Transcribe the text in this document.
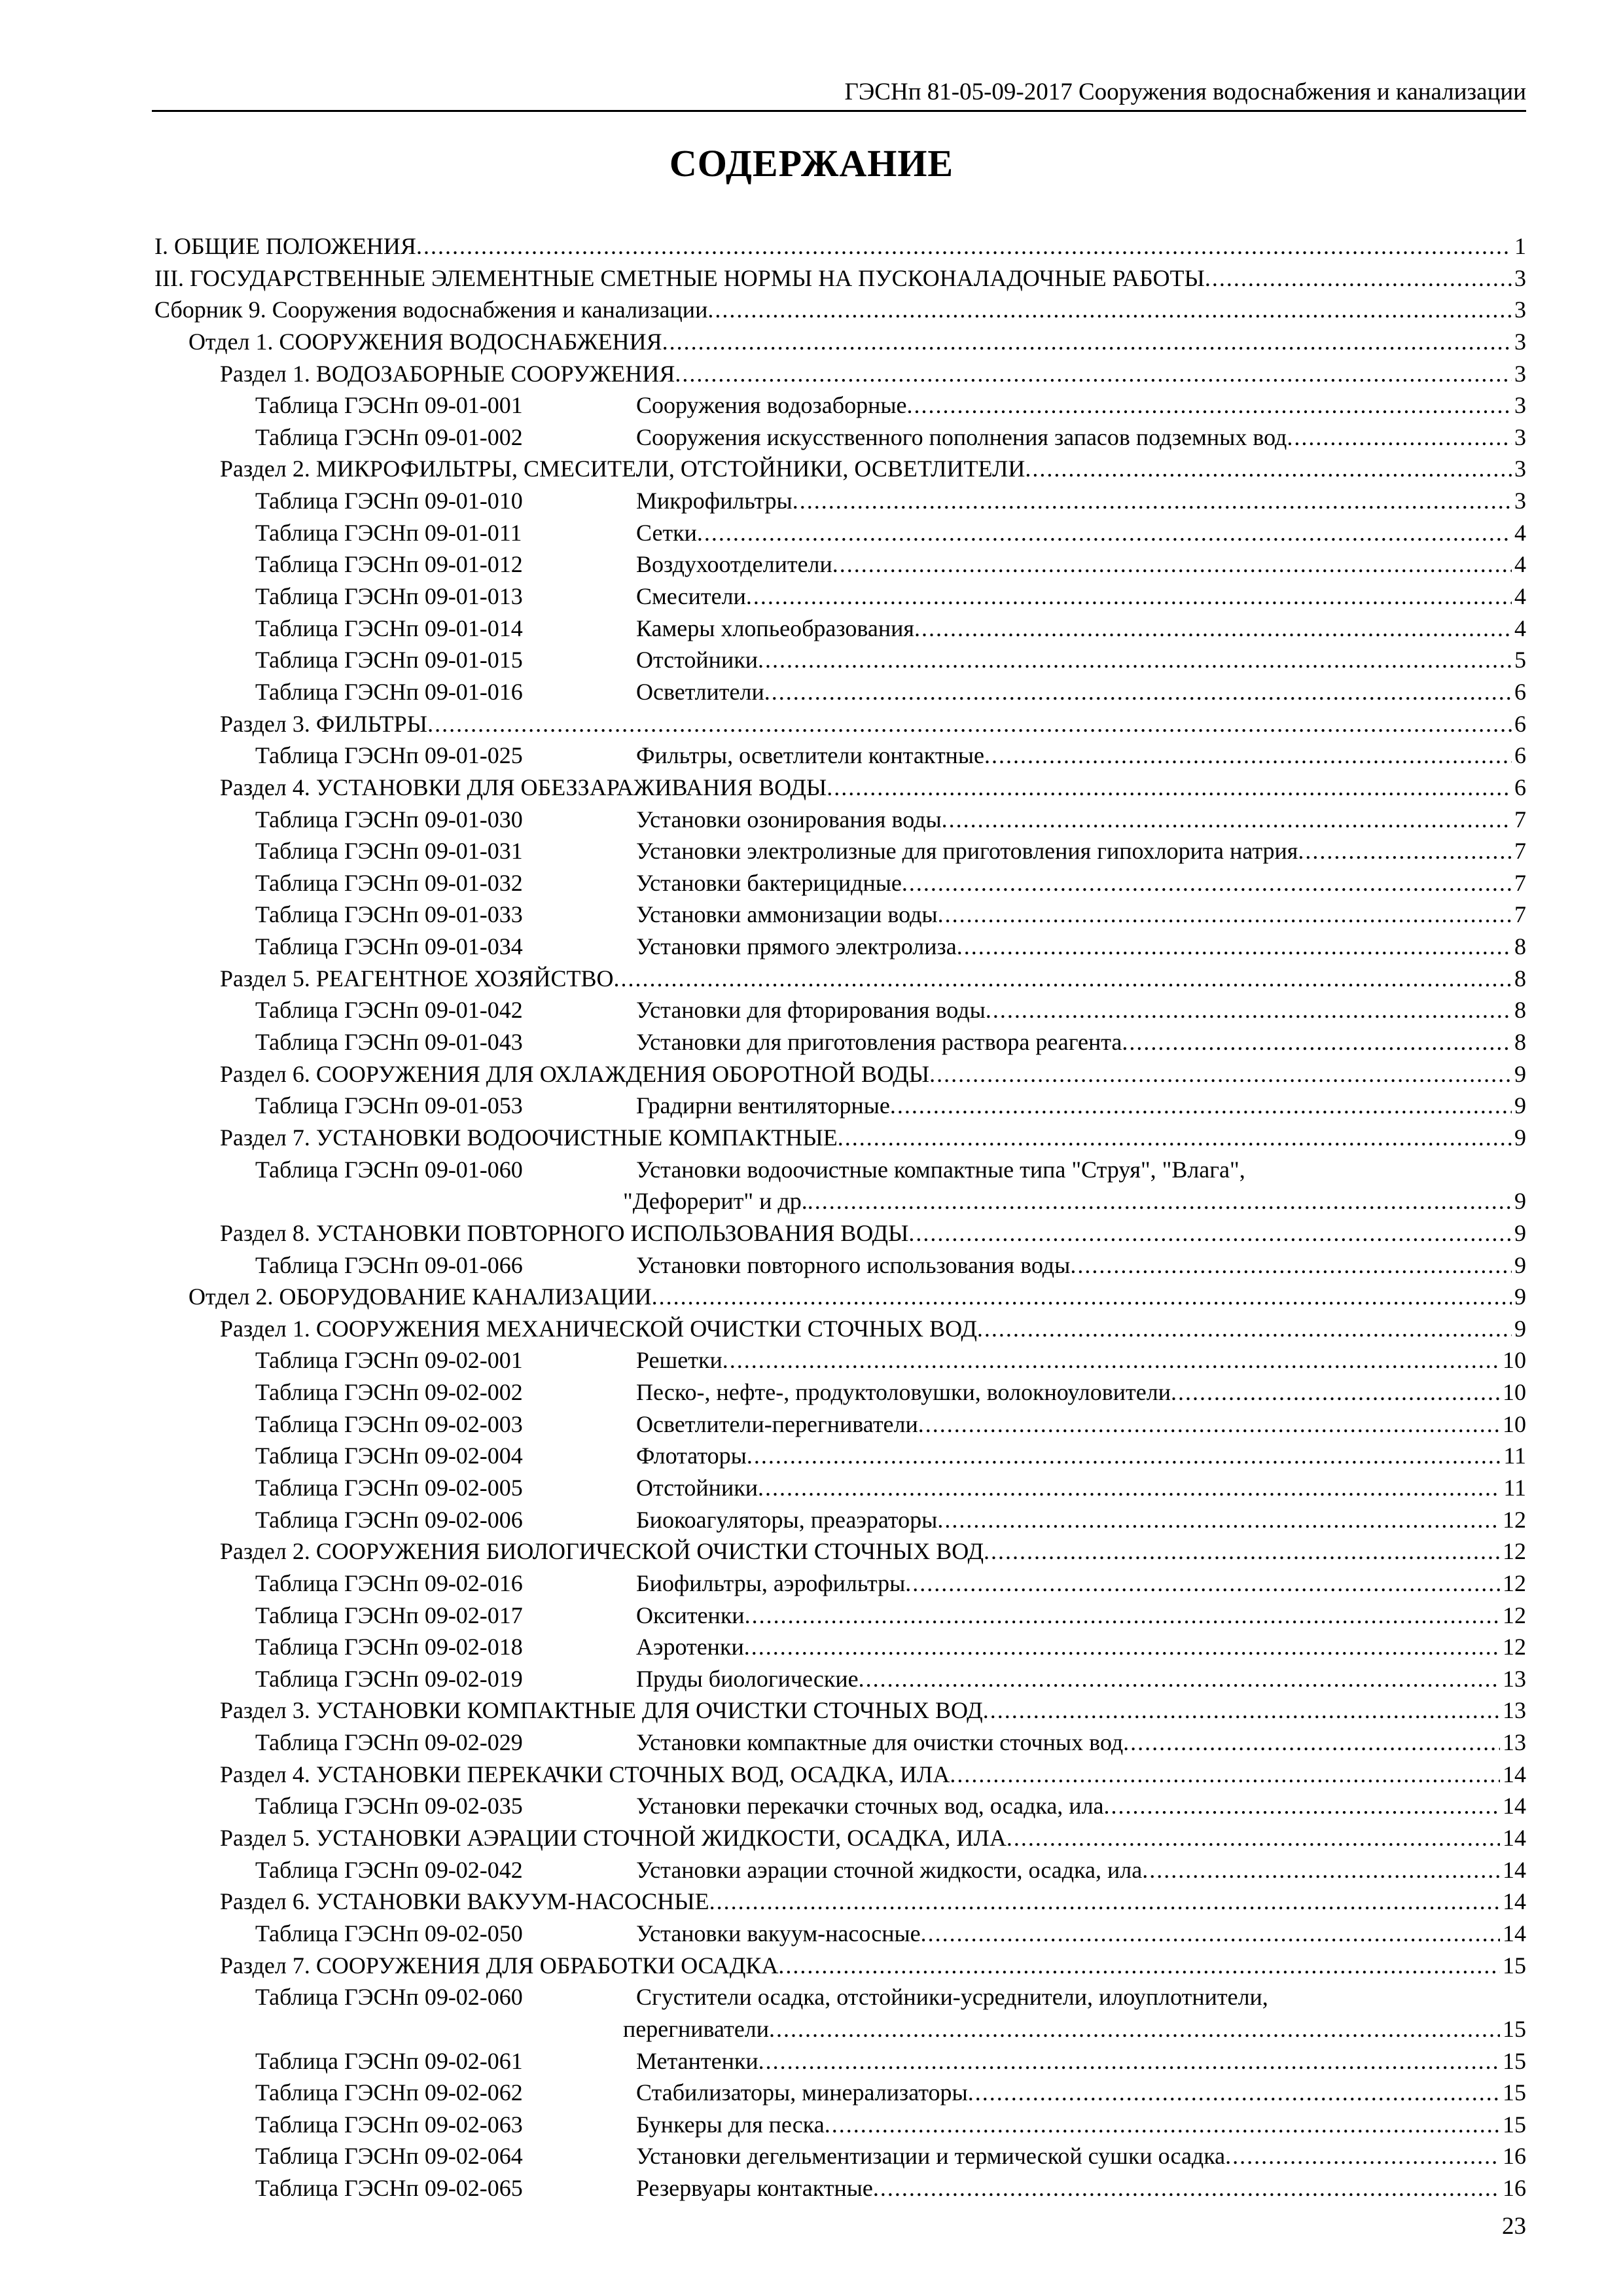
ГЭСНп 81-05-09-2017 Сооружения водоснабжения и канализации
СОДЕРЖАНИЕ
I. ОБЩИЕ ПОЛОЖЕНИЯ .....	1
III. ГОСУДАРСТВЕННЫЕ ЭЛЕМЕНТНЫЕ СМЕТНЫЕ НОРМЫ НА ПУСКОНАЛАДОЧНЫЕ РАБОТЫ .....	3
Сборник 9. Сооружения водоснабжения и канализации .....	3
Отдел 1. СООРУЖЕНИЯ ВОДОСНАБЖЕНИЯ .....	3
Раздел 1. ВОДОЗАБОРНЫЕ СООРУЖЕНИЯ .....	3
Таблица ГЭСНп 09-01-001	Сооружения водозаборные .....	3
Таблица ГЭСНп 09-01-002	Сооружения искусственного пополнения запасов подземных вод .....	3
Раздел 2. МИКРОФИЛЬТРЫ, СМЕСИТЕЛИ, ОТСТОЙНИКИ, ОСВЕТЛИТЕЛИ .....	3
Таблица ГЭСНп 09-01-010	Микрофильтры .....	3
Таблица ГЭСНп 09-01-011	Сетки .....	4
Таблица ГЭСНп 09-01-012	Воздухоотделители .....	4
Таблица ГЭСНп 09-01-013	Смесители .....	4
Таблица ГЭСНп 09-01-014	Камеры хлопьеобразования .....	4
Таблица ГЭСНп 09-01-015	Отстойники .....	5
Таблица ГЭСНп 09-01-016	Осветлители .....	6
Раздел 3. ФИЛЬТРЫ .....	6
Таблица ГЭСНп 09-01-025	Фильтры, осветлители контактные .....	6
Раздел 4. УСТАНОВКИ ДЛЯ ОБЕЗЗАРАЖИВАНИЯ ВОДЫ .....	6
Таблица ГЭСНп 09-01-030	Установки озонирования воды .....	7
Таблица ГЭСНп 09-01-031	Установки электролизные для приготовления гипохлорита натрия .....	7
Таблица ГЭСНп 09-01-032	Установки бактерицидные .....	7
Таблица ГЭСНп 09-01-033	Установки аммонизации воды .....	7
Таблица ГЭСНп 09-01-034	Установки прямого электролиза .....	8
Раздел 5. РЕАГЕНТНОЕ ХОЗЯЙСТВО .....	8
Таблица ГЭСНп 09-01-042	Установки для фторирования воды .....	8
Таблица ГЭСНп 09-01-043	Установки для приготовления раствора реагента .....	8
Раздел 6. СООРУЖЕНИЯ ДЛЯ ОХЛАЖДЕНИЯ ОБОРОТНОЙ ВОДЫ .....	9
Таблица ГЭСНп 09-01-053	Градирни вентиляторные .....	9
Раздел 7. УСТАНОВКИ ВОДООЧИСТНЫЕ КОМПАКТНЫЕ .....	9
Таблица ГЭСНп 09-01-060	Установки водоочистные компактные типа "Струя", "Влага",
"Дефорерит" и др. .....	9
Раздел 8. УСТАНОВКИ ПОВТОРНОГО ИСПОЛЬЗОВАНИЯ ВОДЫ .....	9
Таблица ГЭСНп 09-01-066	Установки повторного использования воды .....	9
Отдел 2. ОБОРУДОВАНИЕ КАНАЛИЗАЦИИ .....	9
Раздел 1. СООРУЖЕНИЯ МЕХАНИЧЕСКОЙ ОЧИСТКИ СТОЧНЫХ ВОД .....	9
Таблица ГЭСНп 09-02-001	Решетки .....	10
Таблица ГЭСНп 09-02-002	Песко-, нефте-, продуктоловушки, волокноуловители .....	10
Таблица ГЭСНп 09-02-003	Осветлители-перегниватели .....	10
Таблица ГЭСНп 09-02-004	Флотаторы .....	11
Таблица ГЭСНп 09-02-005	Отстойники .....	11
Таблица ГЭСНп 09-02-006	Биокоагуляторы, преаэраторы .....	12
Раздел 2. СООРУЖЕНИЯ БИОЛОГИЧЕСКОЙ ОЧИСТКИ СТОЧНЫХ ВОД .....	12
Таблица ГЭСНп 09-02-016	Биофильтры, аэрофильтры .....	12
Таблица ГЭСНп 09-02-017	Окситенки .....	12
Таблица ГЭСНп 09-02-018	Аэротенки .....	12
Таблица ГЭСНп 09-02-019	Пруды биологические .....	13
Раздел 3. УСТАНОВКИ КОМПАКТНЫЕ ДЛЯ ОЧИСТКИ СТОЧНЫХ ВОД .....	13
Таблица ГЭСНп 09-02-029	Установки компактные для очистки сточных вод .....	13
Раздел 4. УСТАНОВКИ ПЕРЕКАЧКИ СТОЧНЫХ ВОД, ОСАДКА, ИЛА .....	14
Таблица ГЭСНп 09-02-035	Установки перекачки сточных вод, осадка, ила .....	14
Раздел 5. УСТАНОВКИ АЭРАЦИИ СТОЧНОЙ ЖИДКОСТИ, ОСАДКА, ИЛА .....	14
Таблица ГЭСНп 09-02-042	Установки аэрации сточной жидкости, осадка, ила .....	14
Раздел 6. УСТАНОВКИ ВАКУУМ-НАСОСНЫЕ .....	14
Таблица ГЭСНп 09-02-050	Установки вакуум-насосные .....	14
Раздел 7. СООРУЖЕНИЯ ДЛЯ ОБРАБОТКИ ОСАДКА .....	15
Таблица ГЭСНп 09-02-060	Сгустители осадка, отстойники-усреднители, илоуплотнители,
перегниватели .....	15
Таблица ГЭСНп 09-02-061	Метантенки .....	15
Таблица ГЭСНп 09-02-062	Стабилизаторы, минерализаторы .....	15
Таблица ГЭСНп 09-02-063	Бункеры для песка .....	15
Таблица ГЭСНп 09-02-064	Установки дегельментизации и термической сушки осадка .....	16
Таблица ГЭСНп 09-02-065	Резервуары контактные .....	16
23
